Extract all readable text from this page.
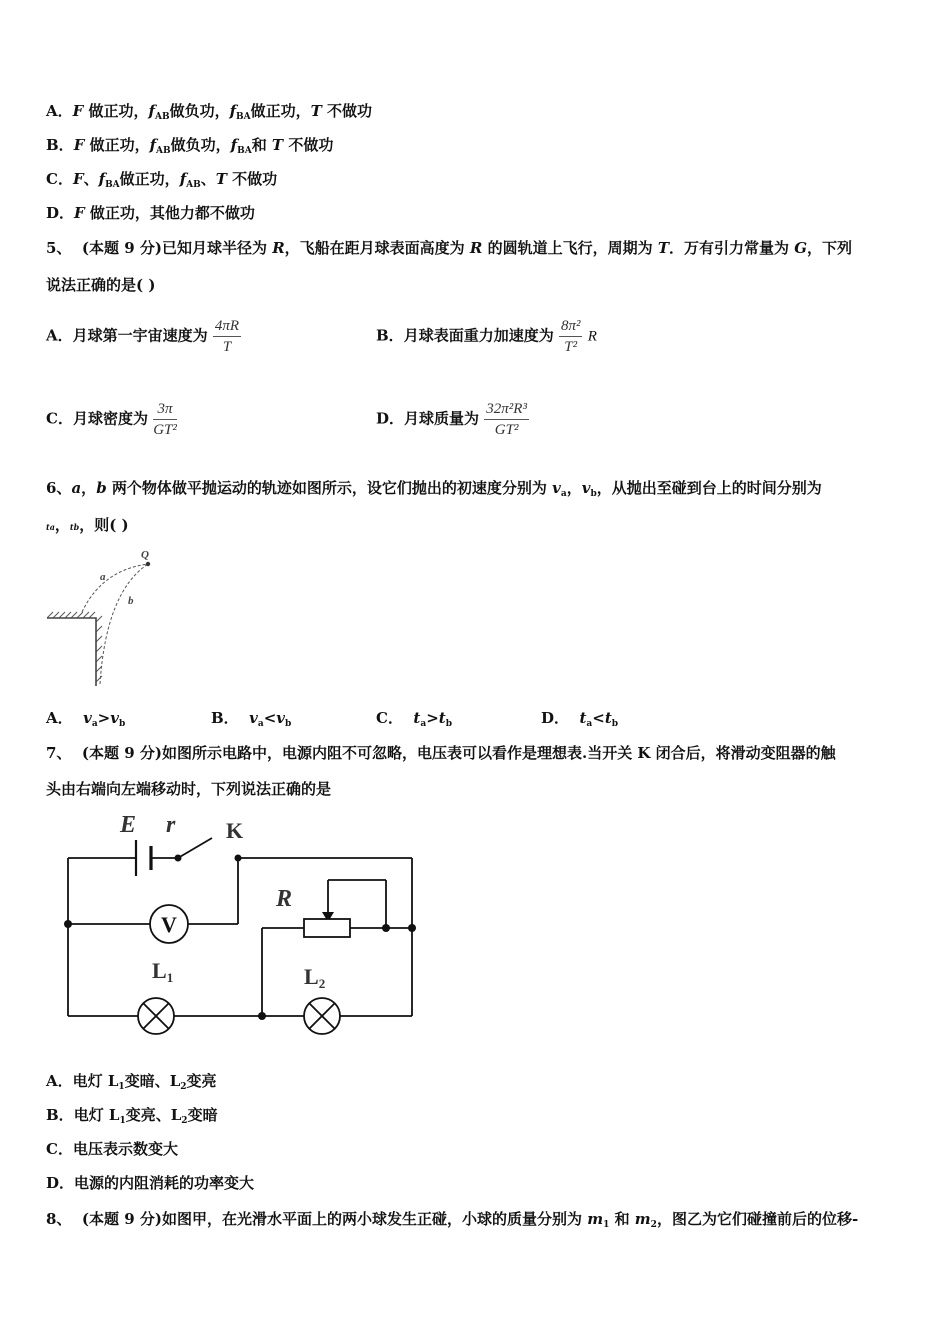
A．F 做正功，$f_{AB}$做负功，$f_{BA}$做正功，T 不做功
B．F 做正功，$f_{AB}$做负功，$f_{BA}$和 T 不做功
C．F、$f_{BA}$做正功，$f_{AB}$、T 不做功
D．F 做正功，其他力都不做功
5、 (本题 9 分)已知月球半径为 R，飞船在距月球表面高度为 R 的圆轨道上飞行，周期为 T．万有引力常量为 G，下列
说法正确的是( )
A．月球第一宇宙速度为 $\frac{4\pi R}{T}$	B．月球表面重力加速度为 $\frac{\text{8π²}}{\text{T²}}$ R
C．月球密度为 $\frac{3\pi}{\text{GT²}}$	D．月球质量为 $\frac{\text{32π²R³}}{\text{GT²}}$
6、a，b 两个物体做平抛运动的轨迹如图所示，设它们抛出的初速度分别为 $v_a$，$v_b$，从抛出至碰到台上的时间分别为
ta，tb，则( )
Q
a
b
A． $v_a>v_b$	B． $v_a<v_b$	C． $t_a>t_b$	D． $t_a<t_b$
7、 (本题 9 分)如图所示电路中，电源内阻不可忽略，电压表可以看作是理想表.当开关 K 闭合后，将滑动变阻器的触
头由右端向左端移动时，下列说法正确的是
V
E r K
R
L1	L2
A．电灯 $L_1$变暗、$L_2$变亮
B．电灯 $L_1$变亮、$L_2$变暗
C．电压表示数变大
D．电源的内阻消耗的功率变大
8、 (本题 9 分)如图甲，在光滑水平面上的两小球发生正碰，小球的质量分别为 $m_1$ 和 $m_2$，图乙为它们碰撞前后的位移-
